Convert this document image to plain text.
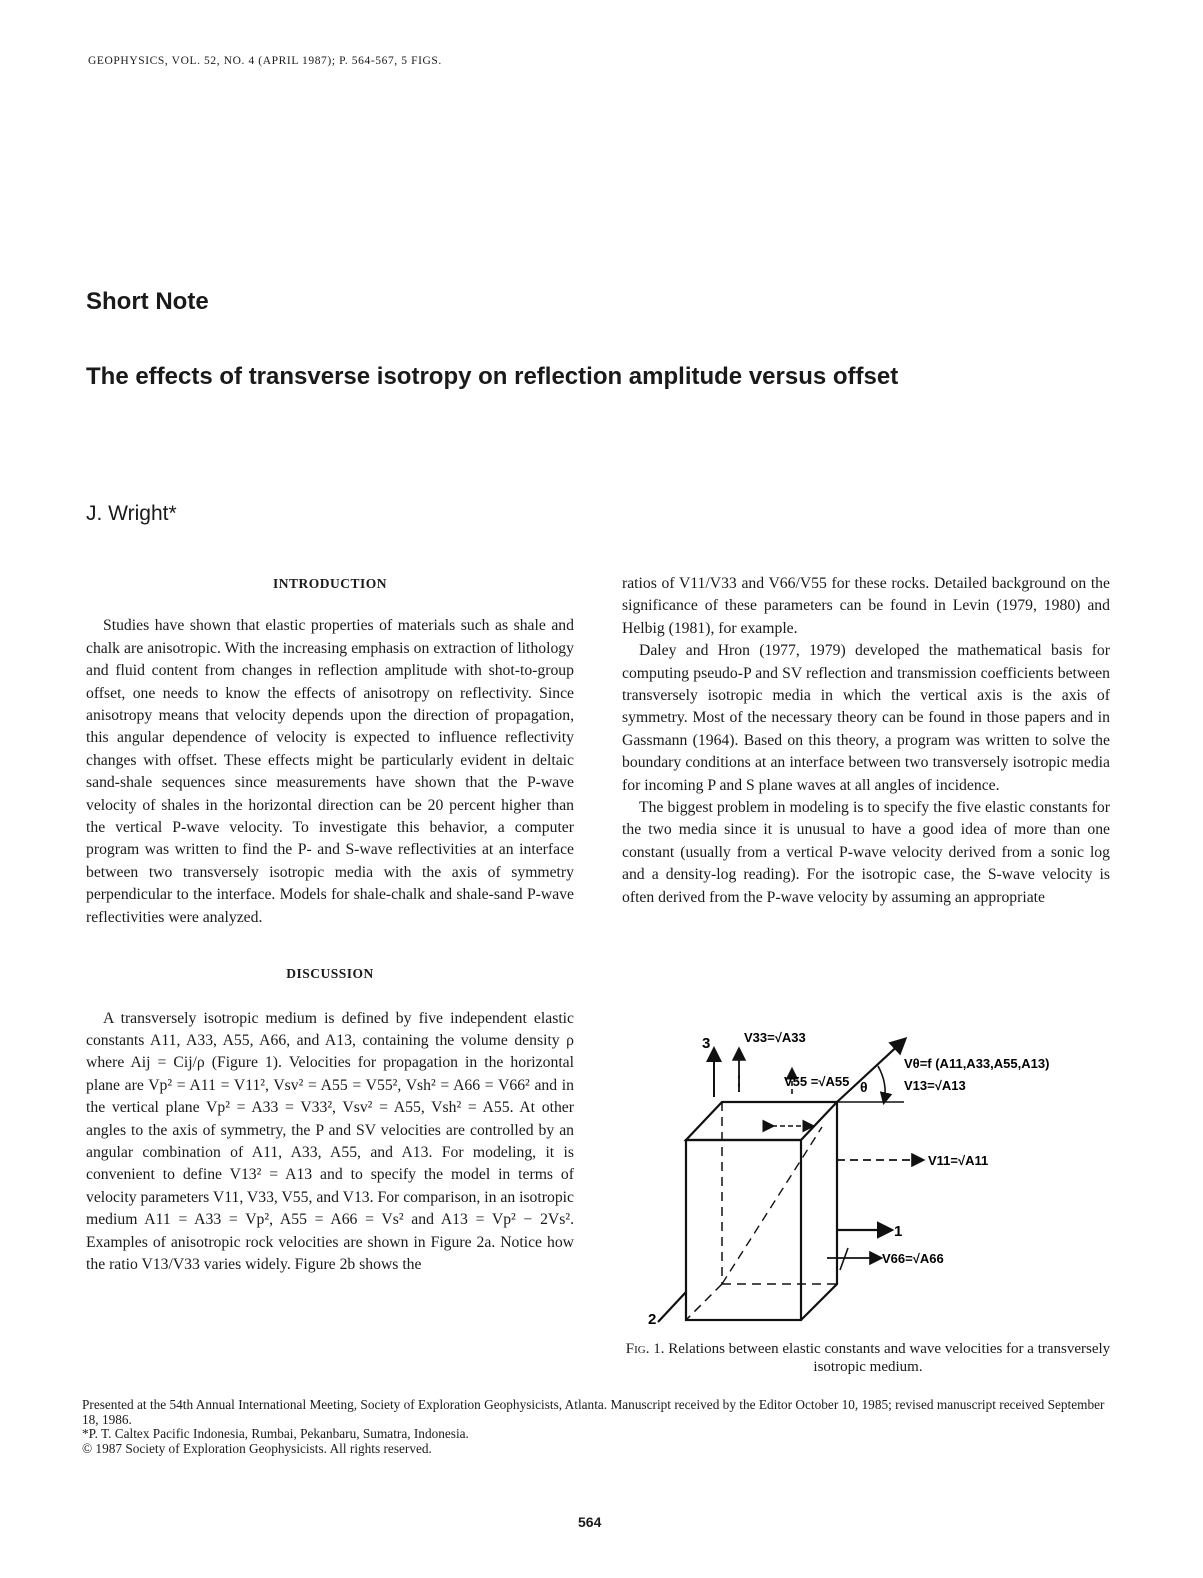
GEOPHYSICS, VOL. 52, NO. 4 (APRIL 1987); P. 564-567, 5 FIGS.
Short Note
The effects of transverse isotropy on reflection amplitude versus offset
J. Wright*
INTRODUCTION

Studies have shown that elastic properties of materials such as shale and chalk are anisotropic. With the increasing emphasis on extraction of lithology and fluid content from changes in reflection amplitude with shot-to-group offset, one needs to know the effects of anisotropy on reflectivity. Since anisotropy means that velocity depends upon the direction of propagation, this angular dependence of velocity is expected to influence reflectivity changes with offset. These effects might be particularly evident in deltaic sand-shale sequences since measurements have shown that the P-wave velocity of shales in the horizontal direction can be 20 percent higher than the vertical P-wave velocity. To investigate this behavior, a computer program was written to find the P- and S-wave reflectivities at an interface between two transversely isotropic media with the axis of symmetry perpendicular to the interface. Models for shale-chalk and shale-sand P-wave reflectivities were analyzed.

DISCUSSION

A transversely isotropic medium is defined by five independent elastic constants A11, A33, A55, A66, and A13, containing the volume density ρ where Aij = Cij/ρ (Figure 1). Velocities for propagation in the horizontal plane are Vp² = A11 = V11², Vsv² = A55 = V55², Vsh² = A66 = V66² and in the vertical plane Vp² = A33 = V33², Vsv² = A55, Vsh² = A55. At other angles to the axis of symmetry, the P and SV velocities are controlled by an angular combination of A11, A33, A55, and A13. For modeling, it is convenient to define V13² = A13 and to specify the model in terms of velocity parameters V11, V33, V55, and V13. For comparison, in an isotropic medium A11 = A33 = Vp², A55 = A66 = Vs² and A13 = Vp² − 2Vs². Examples of anisotropic rock velocities are shown in Figure 2a. Notice how the ratio V13/V33 varies widely. Figure 2b shows the

ratios of V11/V33 and V66/V55 for these rocks. Detailed background on the significance of these parameters can be found in Levin (1979, 1980) and Helbig (1981), for example.

Daley and Hron (1977, 1979) developed the mathematical basis for computing pseudo-P and SV reflection and transmission coefficients between transversely isotropic media in which the vertical axis is the axis of symmetry. Most of the necessary theory can be found in those papers and in Gassmann (1964). Based on this theory, a program was written to solve the boundary conditions at an interface between two transversely isotropic media for incoming P and S plane waves at all angles of incidence.

The biggest problem in modeling is to specify the five elastic constants for the two media since it is unusual to have a good idea of more than one constant (usually from a vertical P-wave velocity derived from a sonic log and a density-log reading). For the isotropic case, the S-wave velocity is often derived from the P-wave velocity by assuming an appropriate

3	V33=√A33
V55 =√A55 θ
Vθ=f (A11,A33,A55,A13)
V13=√A13
V11=√A11
1
V66=√A66
2
Fig. 1. Relations between elastic constants and wave velocities for a transversely isotropic medium.
Presented at the 54th Annual International Meeting, Society of Exploration Geophysicists, Atlanta. Manuscript received by the Editor October 10, 1985; revised manuscript received September 18, 1986.
*P. T. Caltex Pacific Indonesia, Rumbai, Pekanbaru, Sumatra, Indonesia.
© 1987 Society of Exploration Geophysicists. All rights reserved.
564
